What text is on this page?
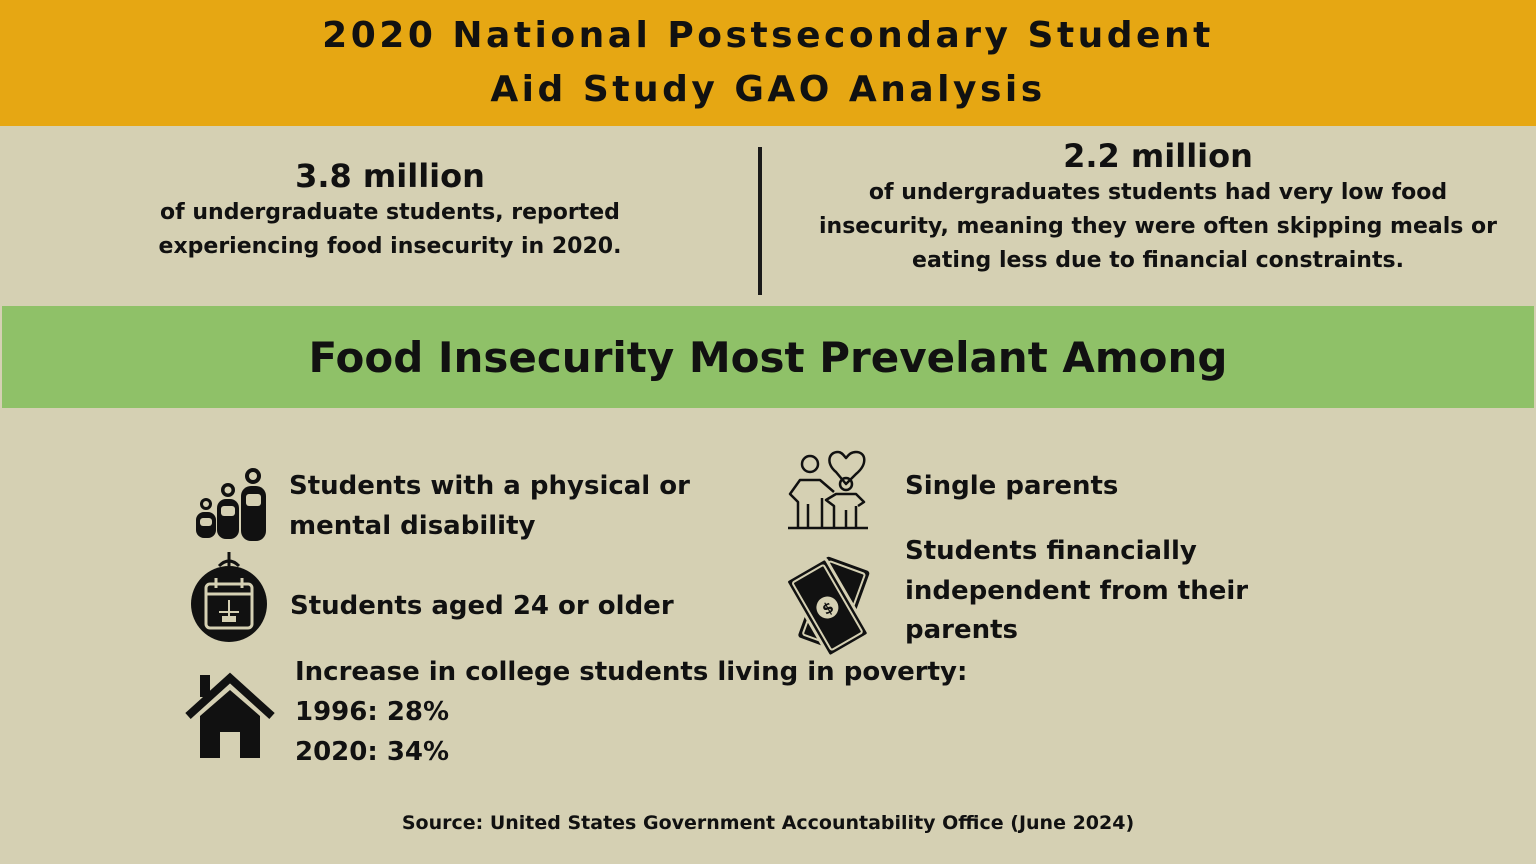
2020 National Postsecondary Student
Aid Study GAO Analysis
3.8 million
of undergraduate students, reported
experiencing food insecurity in 2020.
2.2 million
of undergraduates students had very low food
insecurity, meaning they were often skipping meals or
eating less due to financial constraints.
Food Insecurity Most Prevelant Among
Students with a physical or
mental disability
Students aged 24 or older
Increase in college students living in poverty:
1996: 28%
2020: 34%
Single parents
$
Students financially
independent from their
parents
Source: United States Government Accountability Office (June 2024)
